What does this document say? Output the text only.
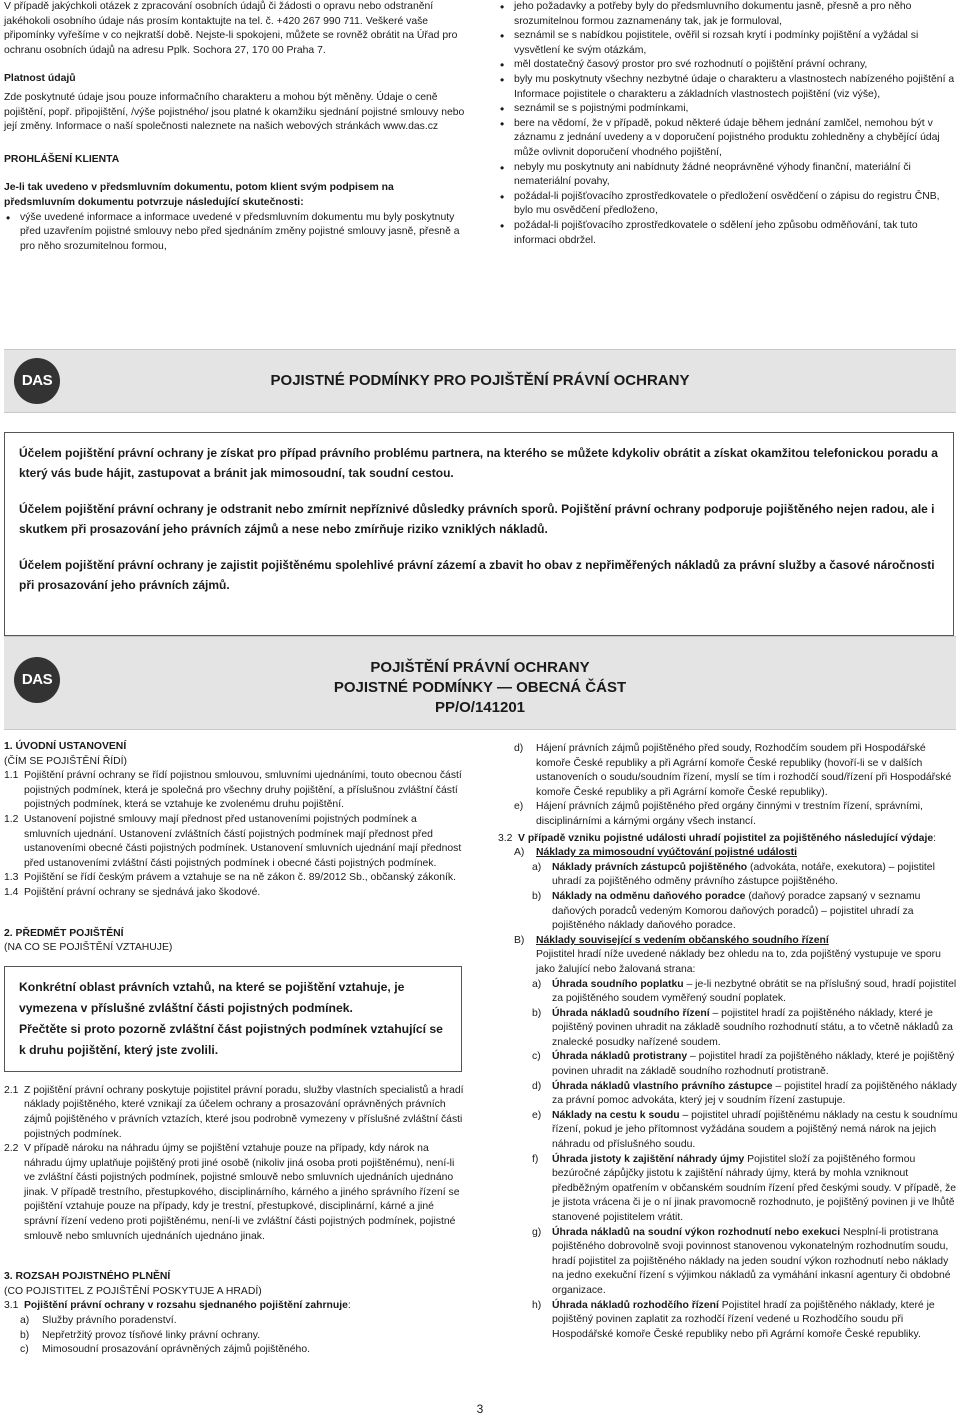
V případě jakýchkoli otázek z zpracování osobních údajů či žádosti o opravu nebo odstranění jakéhokoli osobního údaje nás prosím kontaktujte na tel. č. +420 267 990 711. Veškeré vaše připomínky vyřešíme v co nejkratší době. Nejste-li spokojeni, můžete se rovněž obrátit na Úřad pro ochranu osobních údajů na adresu Pplk. Sochora 27, 170 00 Praha 7.

Platnost údajů

Zde poskytnuté údaje jsou pouze informačního charakteru a mohou být měněny. Údaje o ceně pojištění, popř. připojištění, /výše pojistného/ jsou platné k okamžiku sjednání pojistné smlouvy nebo její změny. Informace o naší společnosti naleznete na našich webových stránkách www.das.cz

PROHLÁŠENÍ KLIENTA

Je-li tak uvedeno v předsmluvním dokumentu, potom klient svým podpisem na předsmluvním dokumentu potvrzuje následující skutečnosti:

• výše uvedené informace a informace uvedené v předsmluvním dokumentu mu byly poskytnuty před uzavřením pojistné smlouvy nebo před sjednáním změny pojistné smlouvy jasně, přesně a pro něho srozumitelnou formou,

• jeho požadavky a potřeby byly do předsmluvního dokumentu jasně, přesně a pro něho srozumitelnou formou zaznamenány tak, jak je formuloval,

• seznámil se s nabídkou pojistitele, ověřil si rozsah krytí i podmínky pojištění a vyžádal si vysvětlení ke svým otázkám,

• měl dostatečný časový prostor pro své rozhodnutí o pojištění právní ochrany,

• byly mu poskytnuty všechny nezbytné údaje o charakteru a vlastnostech nabízeného pojištění a Informace pojistitele o charakteru a základních vlastnostech pojištění (viz výše),

• seznámil se s pojistnými podmínkami,

• bere na vědomí, že v případě, pokud některé údaje během jednání zamlčel, nemohou být v záznamu z jednání uvedeny a v doporučení pojistného produktu zohledněny a chybějící údaj může ovlivnit doporučení vhodného pojištění,

• nebyly mu poskytnuty ani nabídnuty žádné neoprávněné výhody finanční, materiální či nemateriální povahy,

• požádal-li pojišťovacího zprostředkovatele o předložení osvědčení o zápisu do registru ČNB, bylo mu osvědčení předloženo,

• požádal-li pojišťovacího zprostředkovatele o sdělení jeho způsobu odměňování, tak tuto informaci obdržel.

DAS	POJISTNÉ PODMÍNKY PRO POJIŠTĚNÍ PRÁVNÍ OCHRANY

Účelem pojištění právní ochrany je získat pro případ právního problému partnera, na kterého se můžete kdykoliv obrátit a získat okamžitou telefonickou poradu a který vás bude hájit, zastupovat a bránit jak mimosoudní, tak soudní cestou.

Účelem pojištění právní ochrany je odstranit nebo zmírnit nepříznivé důsledky právních sporů. Pojištění právní ochrany podporuje pojištěného nejen radou, ale i skutkem při prosazování jeho právních zájmů a nese nebo zmírňuje riziko vzniklých nákladů.

Účelem pojištění právní ochrany je zajistit pojištěnému spolehlivé právní zázemí a zbavit ho obav z nepřiměřených nákladů za právní služby a časové náročnosti při prosazování jeho právních zájmů.

DAS
POJIŠTĚNÍ PRÁVNÍ OCHRANY
POJISTNÉ PODMÍNKY — OBECNÁ ČÁST
PP/O/141201

1. ÚVODNÍ USTANOVENÍ

(ČÍM SE POJIŠTĚNÍ ŘÍDÍ)

1.1 Pojištění právní ochrany se řídí pojistnou smlouvou, smluvními ujednáními, touto obecnou částí pojistných podmínek, která je společná pro všechny druhy pojištění, a příslušnou zvláštní částí pojistných podmínek, která se vztahuje ke zvolenému druhu pojištění.
1.2 Ustanovení pojistné smlouvy mají přednost před ustanoveními pojistných podmínek a smluvních ujednání. Ustanovení zvláštních částí pojistných podmínek mají přednost před ustanoveními obecné části pojistných podmínek. Ustanovení smluvních ujednání mají přednost před ustanoveními zvláštní části pojistných podmínek i obecné části pojistných podmínek.
1.3 Pojištění se řídí českým právem a vztahuje se na ně zákon č. 89/2012 Sb., občanský zákoník.
1.4 Pojištění právní ochrany se sjednává jako škodové.

2. PŘEDMĚT POJIŠTĚNÍ

(NA CO SE POJIŠTĚNÍ VZTAHUJE)

Konkrétní oblast právních vztahů, na které se pojištění vztahuje, je vymezena v příslušné zvláštní části pojistných podmínek.

Přečtěte si proto pozorně zvláštní část pojistných podmínek vztahující se k druhu pojištění, který jste zvolili.

2.1 Z pojištění právní ochrany poskytuje pojistitel právní poradu, služby vlastních specialistů a hradí náklady pojištěného, které vznikají za účelem ochrany a prosazování oprávněných právních zájmů pojištěného v právních vztazích, které jsou podrobně vymezeny v příslušné zvláštní části pojistných podmínek.
2.2 V případě nároku na náhradu újmy se pojištění vztahuje pouze na případy, kdy nárok na náhradu újmy uplatňuje pojištěný proti jiné osobě (nikoliv jiná osoba proti pojištěnému), není-li ve zvláštní části pojistných podmínek, pojistné smlouvě nebo smluvních ujednáních ujednáno jinak. V případě trestního, přestupkového, disciplinárního, kárného a jiného správního řízení se pojištění vztahuje pouze na případy, kdy je trestní, přestupkové, disciplinární, kárné a jiné správní řízení vedeno proti pojištěnému, není-li ve zvláštní části pojistných podmínek, pojistné smlouvě nebo smluvních ujednáních ujednáno jinak.

3. ROZSAH POJISTNÉHO PLNĚNÍ

(CO POJISTITEL Z POJIŠTĚNÍ POSKYTUJE A HRADÍ)

3.1 Pojištění právní ochrany v rozsahu sjednaného pojištění zahrnuje:
a) Služby právního poradenství.
b) Nepřetržitý provoz tísňové linky právní ochrany.
c) Mimosoudní prosazování oprávněných zájmů pojištěného.
d) Hájení právních zájmů pojištěného před soudy, Rozhodčím soudem při Hospodářské komoře České republiky a při Agrární komoře České republiky (hovoří-li se v dalších ustanoveních o soudu/soudním řízení, myslí se tím i rozhodčí soud/řízení při Hospodářské komoře České republiky a při Agrární komoře České republiky).
e) Hájení právních zájmů pojištěného před orgány činnými v trestním řízení, správními, disciplinárními a kárnými orgány všech instancí.
3.2 V případě vzniku pojistné události uhradí pojistitel za pojištěného následující výdaje:
A) Náklady za mimosoudní vyúčtování pojistné události
a) Náklady právních zástupců pojištěného (advokáta, notáře, exekutora) – pojistitel uhradí za pojištěného odměny právního zástupce pojištěného.
b) Náklady na odměnu daňového poradce (daňový poradce zapsaný v seznamu daňových poradců vedeným Komorou daňových poradců) – pojistitel uhradí za pojištěného náklady daňového poradce.
B) Náklady související s vedením občanského soudního řízení

Pojistitel hradí níže uvedené náklady bez ohledu na to, zda pojištěný vystupuje ve sporu jako žalující nebo žalovaná strana:

a) Úhrada soudního poplatku – je-li nezbytné obrátit se na příslušný soud, hradí pojistitel za pojištěného soudem vyměřený soudní poplatek.
b) Úhrada nákladů soudního řízení – pojistitel hradí za pojištěného náklady, které je pojištěný povinen uhradit na základě soudního rozhodnutí státu, a to včetně nákladů za znalecké posudky nařízené soudem.
c) Úhrada nákladů protistrany – pojistitel hradí za pojištěného náklady, které je pojištěný povinen uhradit na základě soudního rozhodnutí protistraně.
d) Úhrada nákladů vlastního právního zástupce – pojistitel hradí za pojištěného náklady za právní pomoc advokáta, který jej v soudním řízení zastupuje.
e) Náklady na cestu k soudu – pojistitel uhradí pojištěnému náklady na cestu k soudnímu řízení, pokud je jeho přítomnost vyžádána soudem a pojištěný nemá nárok na jejich náhradu od příslušného soudu.
f) Úhrada jistoty k zajištění náhrady újmy Pojistitel složí za pojištěného formou bezúročné zápůjčky jistotu k zajištění náhrady újmy, která by mohla vzniknout předběžným opatřením v občanském soudním řízení před českými soudy. V případě, že je jistota vrácena či je o ní jinak pravomocně rozhodnuto, je pojištěný povinen ji ve lhůtě stanovené pojistitelem vrátit.
g) Úhrada nákladů na soudní výkon rozhodnutí nebo exekuci Nesplní-li protistrana pojištěného dobrovolně svoji povinnost stanovenou vykonatelným rozhodnutím soudu, hradí pojistitel za pojištěného náklady na jeden soudní výkon rozhodnutí nebo náklady na jedno exekuční řízení s výjimkou nákladů za vymáhání inkasní agentury či obdobné organizace.
h) Úhrada nákladů rozhodčího řízení Pojistitel hradí za pojištěného náklady, které je pojištěný povinen zaplatit za rozhodčí řízení vedené u Rozhodčího soudu při Hospodářské komoře České republiky nebo při Agrární komoře České republiky.
3
